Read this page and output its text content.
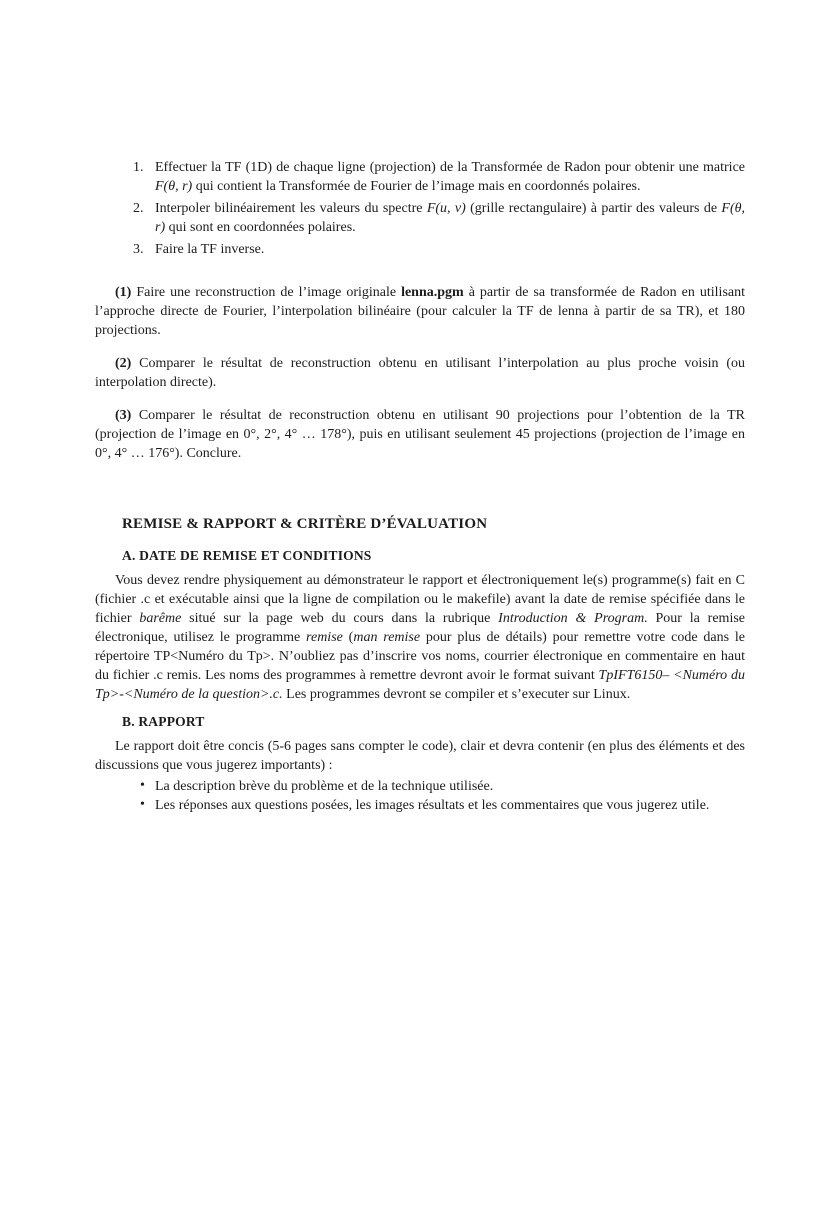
1. Effectuer la TF (1D) de chaque ligne (projection) de la Transformée de Radon pour obtenir une matrice F(θ, r) qui contient la Transformée de Fourier de l’image mais en coordonnés polaires.
2. Interpoler bilinéairement les valeurs du spectre F(u, v) (grille rectangulaire) à partir des valeurs de F(θ, r) qui sont en coordonnées polaires.
3. Faire la TF inverse.
(1) Faire une reconstruction de l’image originale lenna.pgm à partir de sa transformée de Radon en utilisant l’approche directe de Fourier, l’interpolation bilinéaire (pour calculer la TF de lenna à partir de sa TR), et 180 projections.
(2) Comparer le résultat de reconstruction obtenu en utilisant l’interpolation au plus proche voisin (ou interpolation directe).
(3) Comparer le résultat de reconstruction obtenu en utilisant 90 projections pour l’obtention de la TR (projection de l’image en 0°, 2°, 4° … 178°), puis en utilisant seulement 45 projections (projection de l’image en 0°, 4° … 176°). Conclure.
REMISE & RAPPORT & CRITÈRE D’ÉVALUATION
A. DATE DE REMISE ET CONDITIONS
Vous devez rendre physiquement au démonstrateur le rapport et électroniquement le(s) programme(s) fait en C (fichier .c et exécutable ainsi que la ligne de compilation ou le makefile) avant la date de remise spécifiée dans le fichier barême situé sur la page web du cours dans la rubrique Introduction & Program. Pour la remise électronique, utilisez le programme remise (man remise pour plus de détails) pour remettre votre code dans le répertoire TP<Numéro du Tp>. N’oubliez pas d’inscrire vos noms, courrier électronique en commentaire en haut du fichier .c remis. Les noms des programmes à remettre devront avoir le format suivant TpIFT6150– <Numéro du Tp>-<Numéro de la question>.c. Les programmes devront se compiler et s’executer sur Linux.
B. RAPPORT
Le rapport doit être concis (5-6 pages sans compter le code), clair et devra contenir (en plus des éléments et des discussions que vous jugerez importants) :
• La description brève du problème et de la technique utilisée.
• Les réponses aux questions posées, les images résultats et les commentaires que vous jugerez utile.
